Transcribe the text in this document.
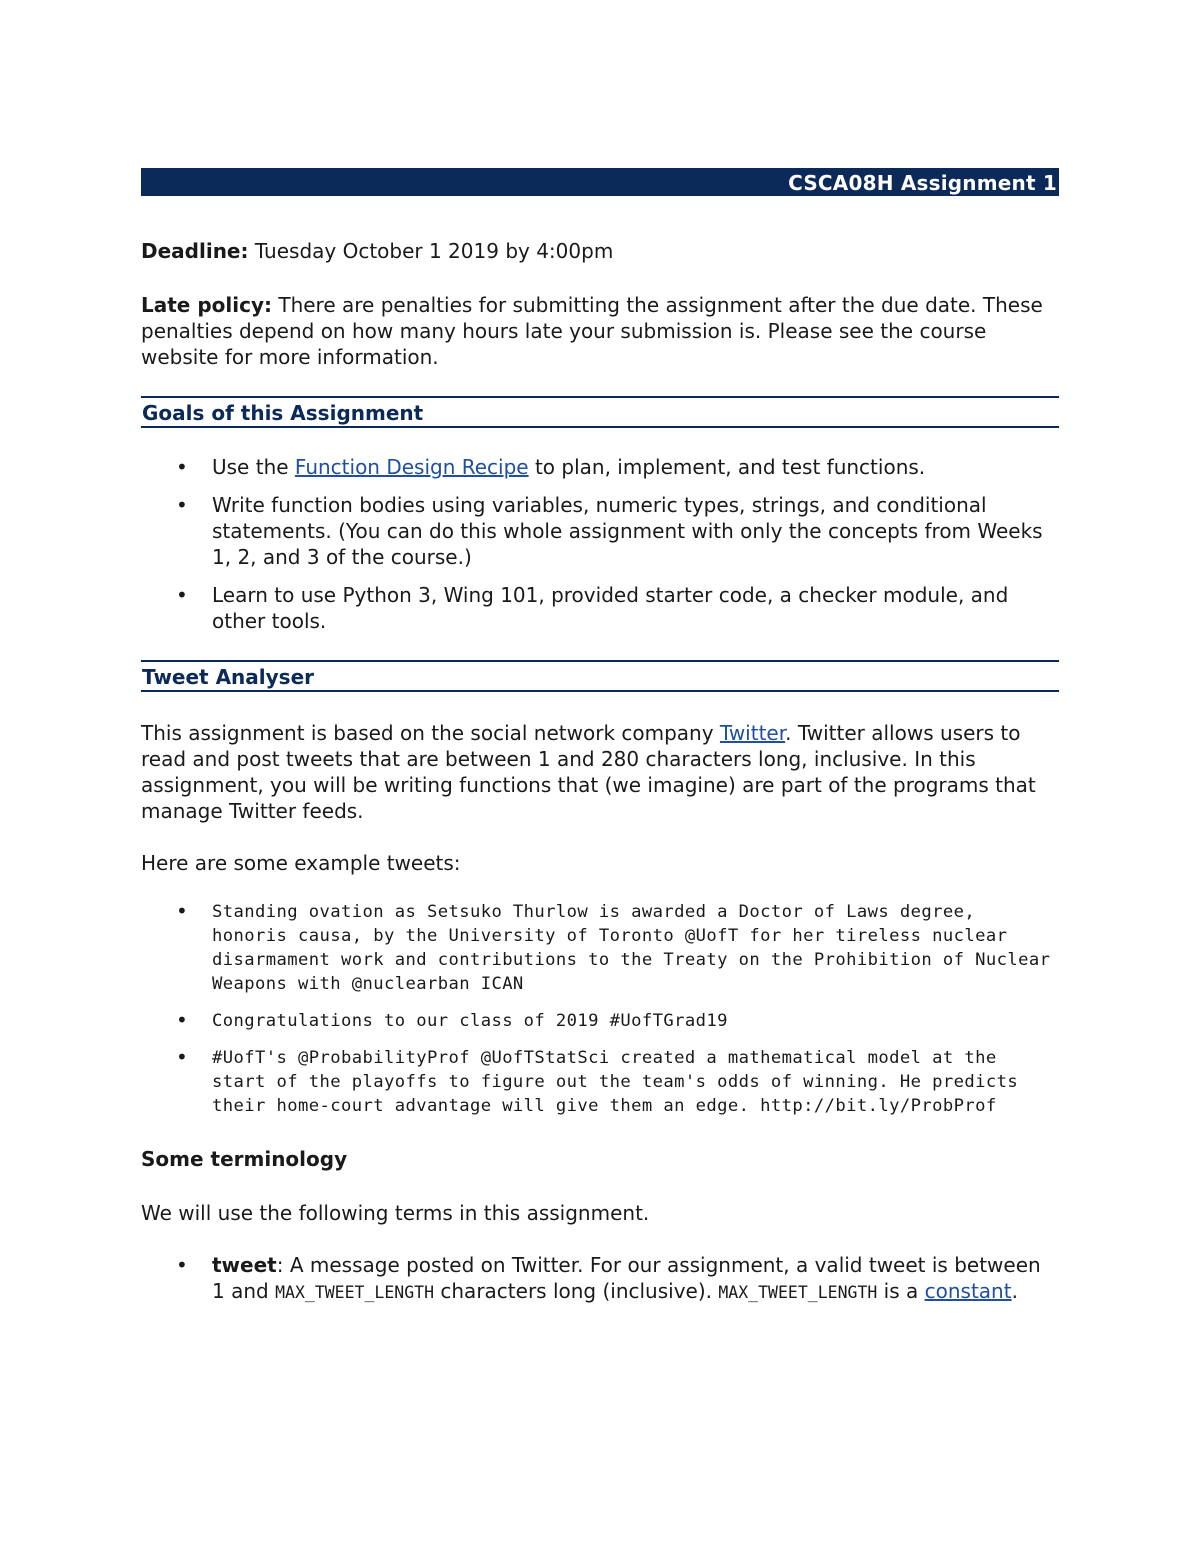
CSCA08H Assignment 1

Deadline: Tuesday October 1 2019 by 4:00pm

Late policy: There are penalties for submitting the assignment after the due date. These penalties depend on how many hours late your submission is. Please see the course website for more information.

Goals of this Assignment
• Use the Function Design Recipe to plan, implement, and test functions.
• Write function bodies using variables, numeric types, strings, and conditional statements. (You can do this whole assignment with only the concepts from Weeks 1, 2, and 3 of the course.)
• Learn to use Python 3, Wing 101, provided starter code, a checker module, and other tools.
Tweet Analyser

This assignment is based on the social network company Twitter. Twitter allows users to read and post tweets that are between 1 and 280 characters long, inclusive. In this assignment, you will be writing functions that (we imagine) are part of the programs that manage Twitter feeds.

Here are some example tweets:

• Standing ovation as Setsuko Thurlow is awarded a Doctor of Laws degree, honoris causa, by the University of Toronto @UofT for her tireless nuclear disarmament work and contributions to the Treaty on the Prohibition of Nuclear Weapons with @nuclearban ICAN
• Congratulations to our class of 2019 #UofTGrad19
• #UofT's @ProbabilityProf @UofTStatSci created a mathematical model at the start of the playoffs to figure out the team's odds of winning. He predicts their home-court advantage will give them an edge. http://bit.ly/ProbProf
Some terminology

We will use the following terms in this assignment.

• tweet: A message posted on Twitter. For our assignment, a valid tweet is between 1 and MAX_TWEET_LENGTH characters long (inclusive). MAX_TWEET_LENGTH is a constant.
